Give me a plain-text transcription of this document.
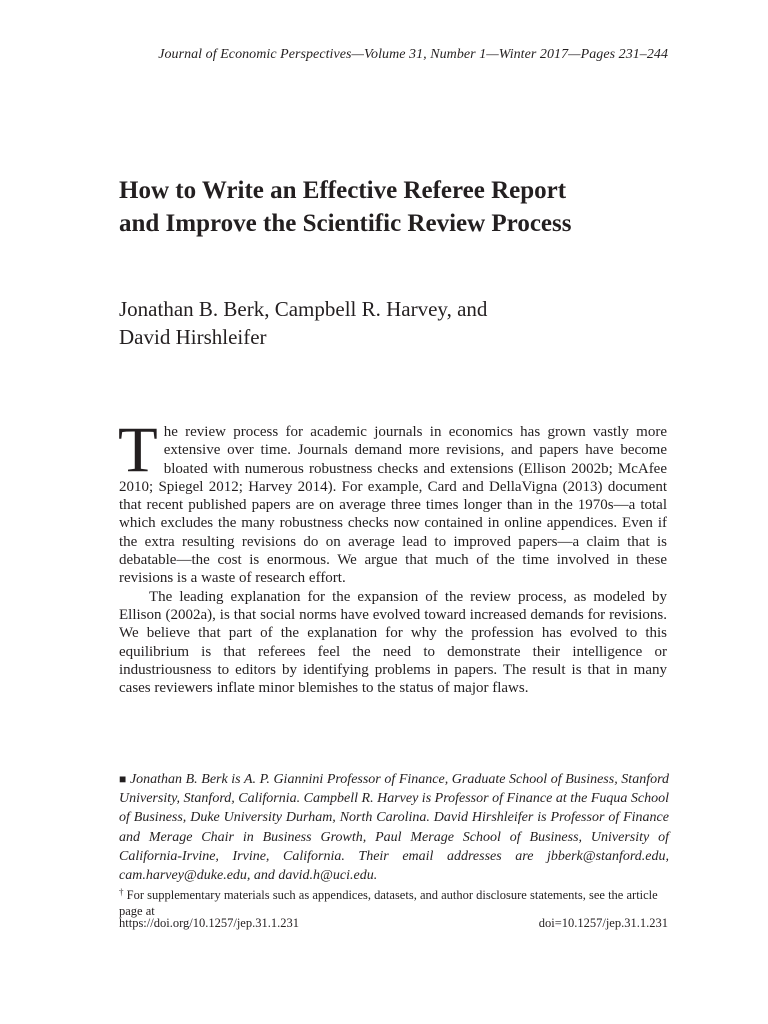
Journal of Economic Perspectives—Volume 31, Number 1—Winter 2017—Pages 231–244
How to Write an Effective Referee Report
and Improve the Scientific Review Process
Jonathan B. Berk, Campbell R. Harvey, and
David Hirshleifer

The review process for academic journals in economics has grown vastly more extensive over time. Journals demand more revisions, and papers have become bloated with numerous robustness checks and extensions (Ellison 2002b; McAfee 2010; Spiegel 2012; Harvey 2014). For example, Card and DellaVigna (2013) document that recent published papers are on average three times longer than in the 1970s—a total which excludes the many robustness checks now contained in online appendices. Even if the extra resulting revisions do on average lead to improved papers—a claim that is debatable—the cost is enormous. We argue that much of the time involved in these revisions is a waste of research effort.

The leading explanation for the expansion of the review process, as modeled by Ellison (2002a), is that social norms have evolved toward increased demands for revisions. We believe that part of the explanation for why the profession has evolved to this equilibrium is that referees feel the need to demonstrate their intelligence or industriousness to editors by identifying problems in papers. The result is that in many cases reviewers inflate minor blemishes to the status of major flaws.

■ Jonathan B. Berk is A. P. Giannini Professor of Finance, Graduate School of Business, Stanford University, Stanford, California. Campbell R. Harvey is Professor of Finance at the Fuqua School of Business, Duke University Durham, North Carolina. David Hirshleifer is Professor of Finance and Merage Chair in Business Growth, Paul Merage School of Business, University of California-Irvine, Irvine, California. Their email addresses are jbberk@stanford.edu, cam.harvey@duke.edu, and david.h@uci.edu.

† For supplementary materials such as appendices, datasets, and author disclosure statements, see the article page at

https://doi.org/10.1257/jep.31.1.231	doi=10.1257/jep.31.1.231
